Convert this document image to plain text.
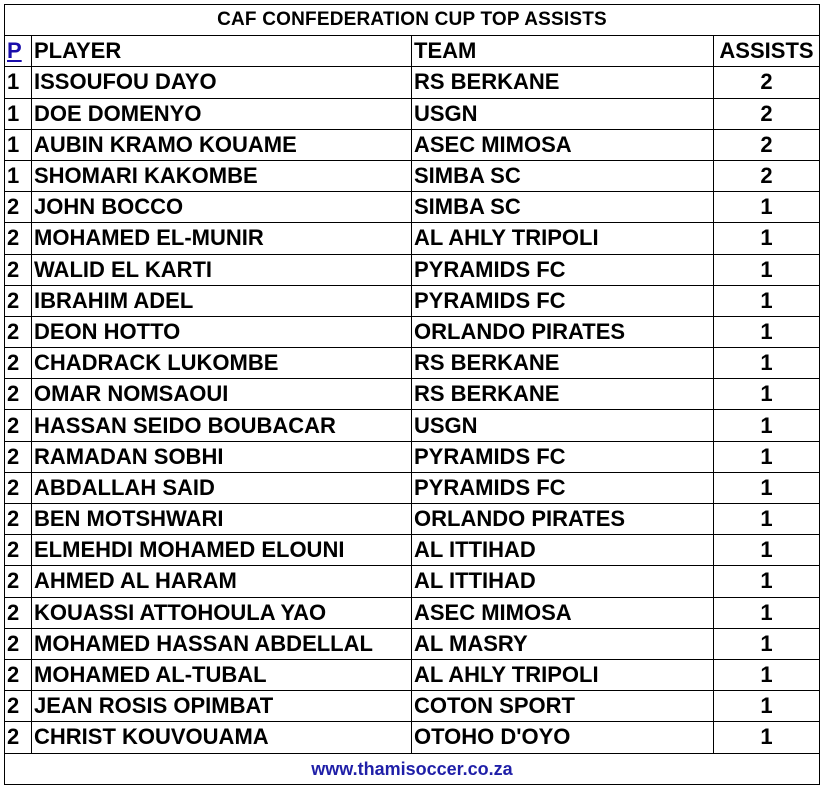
CAF CONFEDERATION CUP TOP ASSISTS			
P	PLAYER	TEAM	ASSISTS
1	ISSOUFOU DAYO	RS BERKANE	2
1	DOE DOMENYO	USGN	2
1	AUBIN KRAMO KOUAME	ASEC MIMOSA	2
1	SHOMARI KAKOMBE	SIMBA SC	2
2	JOHN BOCCO	SIMBA SC	1
2	MOHAMED EL-MUNIR	AL AHLY TRIPOLI	1
2	WALID EL KARTI	PYRAMIDS FC	1
2	IBRAHIM ADEL	PYRAMIDS FC	1
2	DEON HOTTO	ORLANDO PIRATES	1
2	CHADRACK LUKOMBE	RS BERKANE	1
2	OMAR NOMSAOUI	RS BERKANE	1
2	HASSAN SEIDO BOUBACAR	USGN	1
2	RAMADAN SOBHI	PYRAMIDS FC	1
2	ABDALLAH SAID	PYRAMIDS FC	1
2	BEN MOTSHWARI	ORLANDO PIRATES	1
2	ELMEHDI MOHAMED ELOUNI	AL ITTIHAD	1
2	AHMED AL HARAM	AL ITTIHAD	1
2	KOUASSI ATTOHOULA YAO	ASEC MIMOSA	1
2	MOHAMED HASSAN ABDELLAL	AL MASRY	1
2	MOHAMED AL-TUBAL	AL AHLY TRIPOLI	1
2	JEAN ROSIS OPIMBAT	COTON SPORT	1
2	CHRIST KOUVOUAMA	OTOHO D'OYO	1
www.thamisoccer.co.za			
